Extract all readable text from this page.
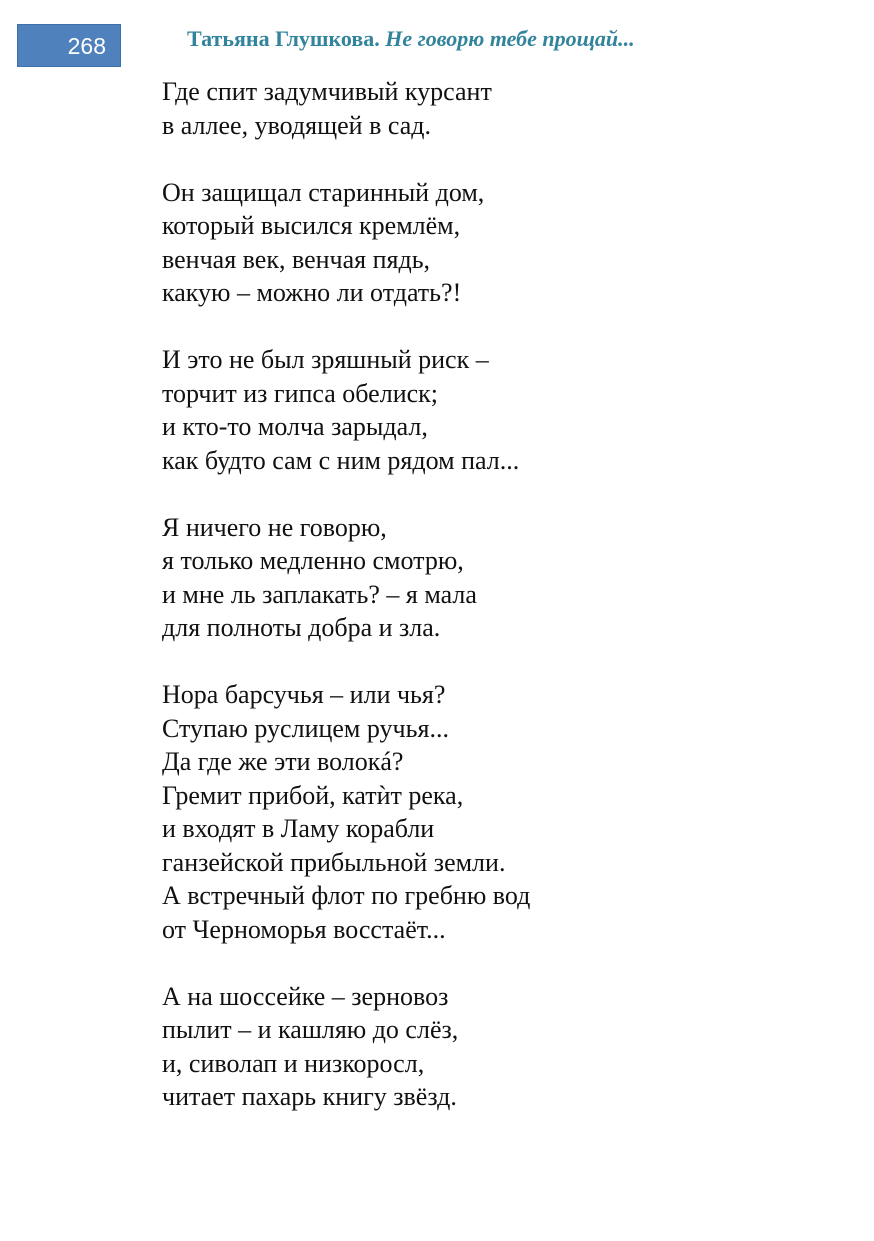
268	Татьяна Глушкова. Не говорю тебе прощай...
Где спит задумчивый курсант
в аллее, уводящей в сад.
Он защищал старинный дом,
который высился кремлём,
венчая век, венчая пядь,
какую – можно ли отдать?!
И это не был зряшный риск –
торчит из гипса обелиск;
и кто-то молча зарыдал,
как будто сам с ним рядом пал...
Я ничего не говорю,
я только медленно смотрю,
и мне ль заплакать? – я мала
для полноты добра и зла.
Нора барсучья – или чья?
Ступаю руслицем ручья...
Да где же эти волокá?
Гремит прибой, катѝт река,
и входят в Ламу корабли
ганзейской прибыльной земли.
А встречный флот по гребню вод
от Черноморья восстаёт...
А на шоссейке – зерновоз
пылит – и кашляю до слёз,
и, сиволап и низкоросл,
читает пахарь книгу звёзд.
